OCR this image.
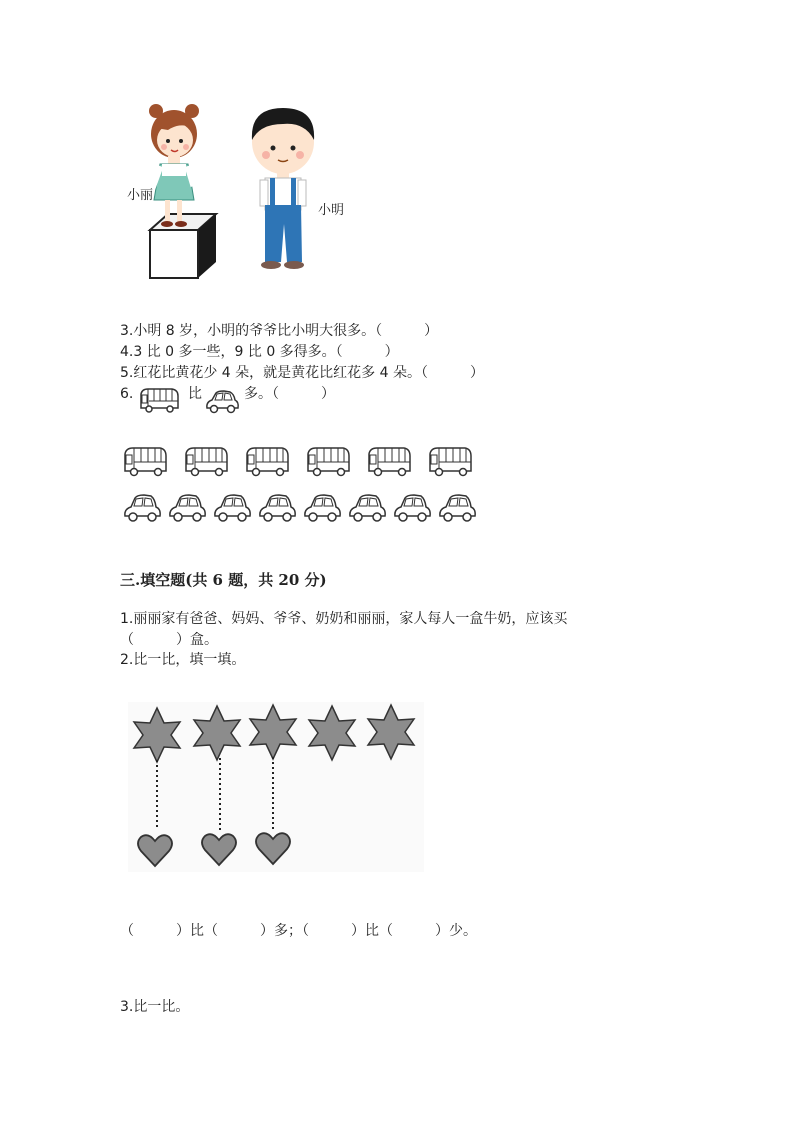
小丽
小明
3.小明 8 岁，小明的爷爷比小明大很多。（　　　）
4.3 比 0 多一些，9 比 0 多得多。（　　　）
5.红花比黄花少 4 朵，就是黄花比红花多 4 朵。（　　　）
6.	比	多。（　　　）
三.填空题(共 6 题，共 20 分)
1.丽丽家有爸爸、妈妈、爷爷、奶奶和丽丽，家人每人一盒牛奶，应该买
（　　　）盒。
2.比一比，填一填。
（　　　）比（　　　）多；（　　　）比（　　　）少。
3.比一比。
